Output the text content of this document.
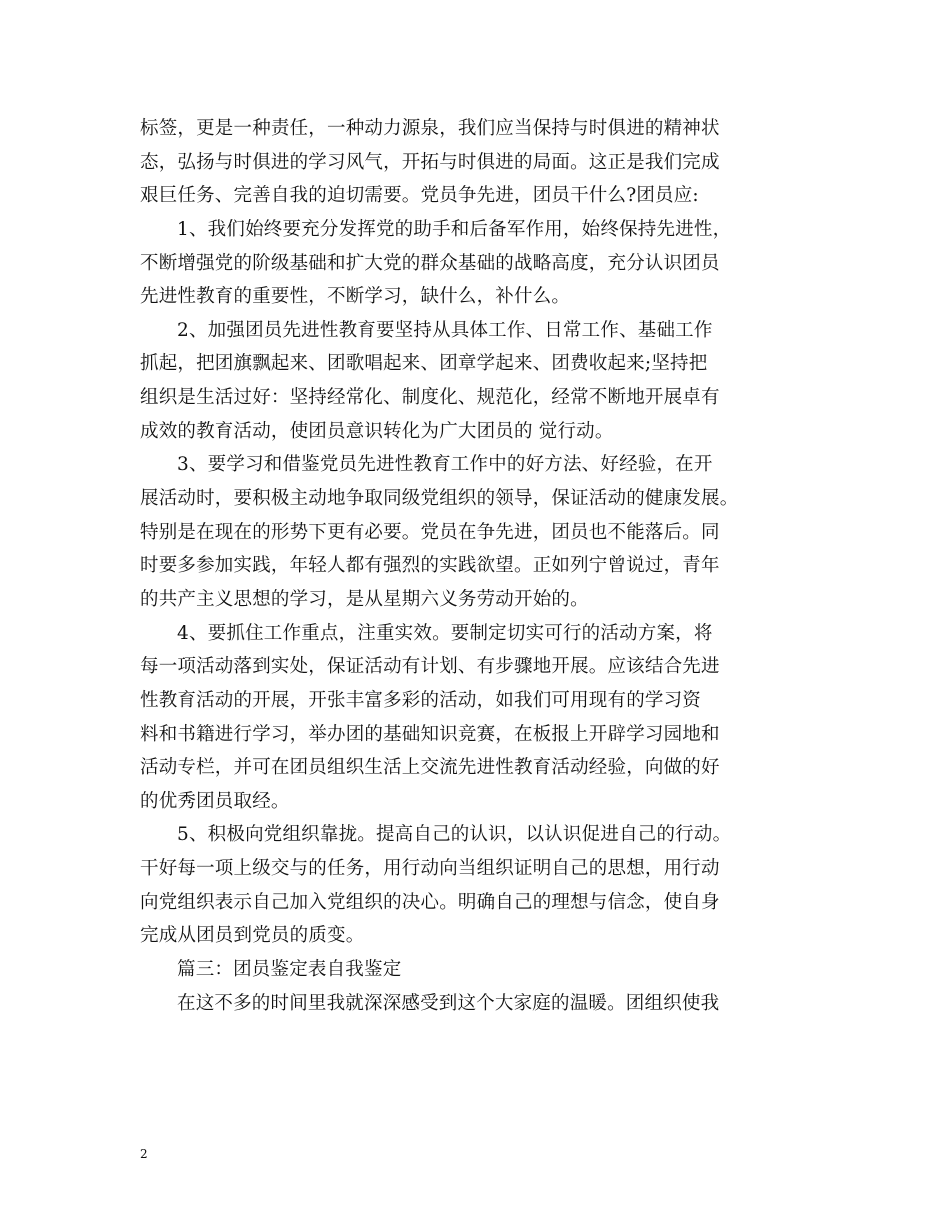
标签，更是一种责任，一种动力源泉，我们应当保持与时俱进的精神状
态，弘扬与时俱进的学习风气，开拓与时俱进的局面。这正是我们完成
艰巨任务、完善自我的迫切需要。党员争先进，团员干什么?团员应:
1、我们始终要充分发挥党的助手和后备军作用，始终保持先进性，
不断增强党的阶级基础和扩大党的群众基础的战略高度，充分认识团员
先进性教育的重要性，不断学习，缺什么，补什么。
2、加强团员先进性教育要坚持从具体工作、日常工作、基础工作
抓起，把团旗飘起来、团歌唱起来、团章学起来、团费收起来;坚持把
组织是生活过好：坚持经常化、制度化、规范化，经常不断地开展卓有
成效的教育活动，使团员意识转化为广大团员的 觉行动。
3、要学习和借鉴党员先进性教育工作中的好方法、好经验，在开
展活动时，要积极主动地争取同级党组织的领导，保证活动的健康发展。
特别是在现在的形势下更有必要。党员在争先进，团员也不能落后。同
时要多参加实践，年轻人都有强烈的实践欲望。正如列宁曾说过，青年
的共产主义思想的学习，是从星期六义务劳动开始的。
4、要抓住工作重点，注重实效。要制定切实可行的活动方案，将
每一项活动落到实处，保证活动有计划、有步骤地开展。应该结合先进
性教育活动的开展，开张丰富多彩的活动，如我们可用现有的学习资
料和书籍进行学习，举办团的基础知识竞赛，在板报上开辟学习园地和
活动专栏，并可在团员组织生活上交流先进性教育活动经验，向做的好
的优秀团员取经。
5、积极向党组织靠拢。提高自己的认识，以认识促进自己的行动。
干好每一项上级交与的任务，用行动向当组织证明自己的思想，用行动
向党组织表示自己加入党组织的决心。明确自己的理想与信念，使自身
完成从团员到党员的质变。
篇三：团员鉴定表自我鉴定
在这不多的时间里我就深深感受到这个大家庭的温暖。团组织使我
2
